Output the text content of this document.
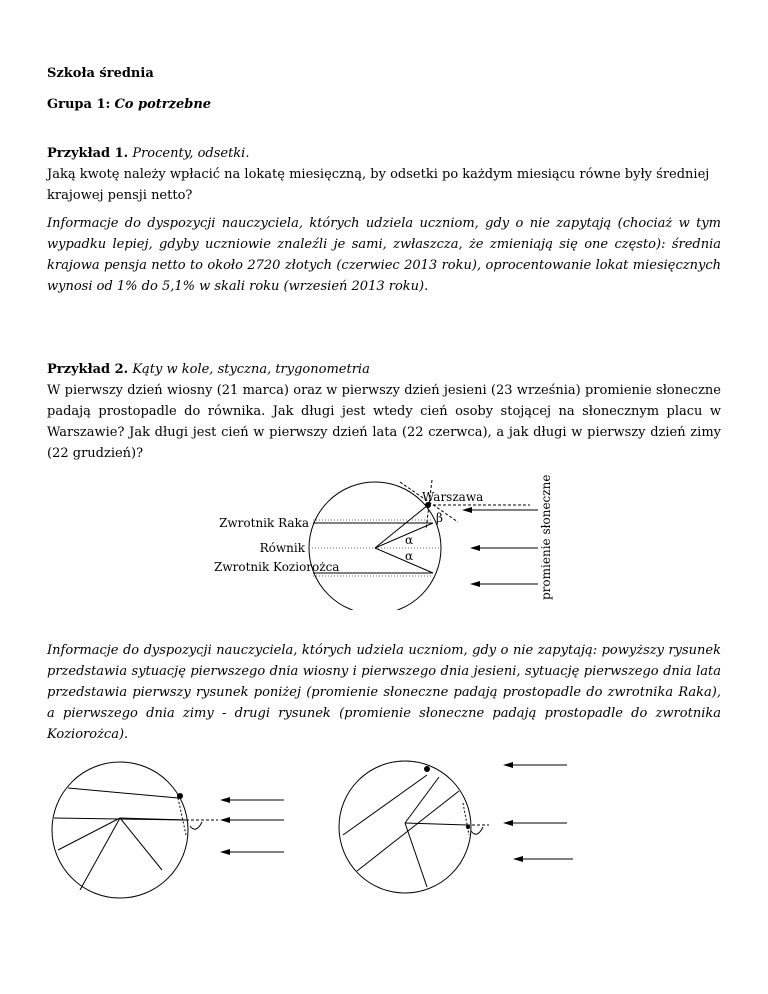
Szkoła średnia

Grupa 1: Co potrzebne

Przykład 1. Procenty, odsetki.

Jaką kwotę należy wpłacić na lokatę miesięczną, by odsetki po każdym miesiącu równe były średniej krajowej pensji netto?

Informacje do dyspozycji nauczyciela, których udziela uczniom, gdy o nie zapytają (chociaż w tym wypadku lepiej, gdyby uczniowie znaleźli je sami, zwłaszcza, że zmieniają się one często): średnia krajowa pensja netto to około 2720 złotych (czerwiec 2013 roku), oprocentowanie lokat miesięcznych wynosi od 1% do 5,1% w skali roku (wrzesień 2013 roku).

Przykład 2. Kąty w kole, styczna, trygonometria

W pierwszy dzień wiosny (21 marca) oraz w pierwszy dzień jesieni (23 września) promienie słoneczne padają prostopadle do równika. Jak długi jest wtedy cień osoby stojącej na słonecznym placu w Warszawie? Jak długi jest cień w pierwszy dzień lata (22 czerwca), a jak długi w pierwszy dzień zimy (22 grudzień)?

Warszawa
β
α
α
Zwrotnik Raka
Równik
Zwrotnik Koziorożca	promienie słoneczne

Informacje do dyspozycji nauczyciela, których udziela uczniom, gdy o nie zapytają: powyższy rysunek przedstawia sytuację pierwszego dnia wiosny i pierwszego dnia jesieni, sytuację pierwszego dnia lata przedstawia pierwszy rysunek poniżej (promienie słoneczne padają prostopadle do zwrotnika Raka), a pierwszego dnia zimy - drugi rysunek (promienie słoneczne padają prostopadle do zwrotnika Koziorożca).
